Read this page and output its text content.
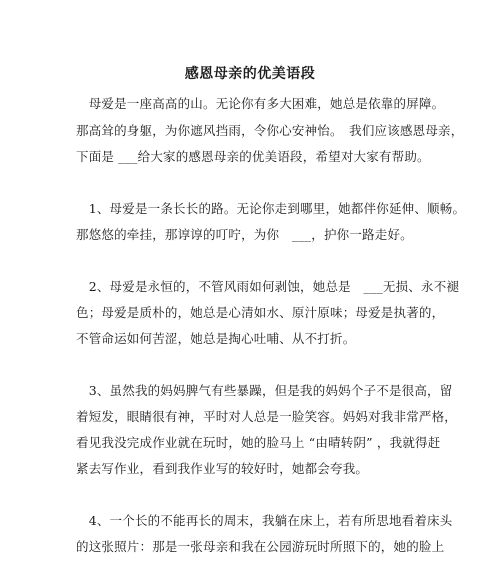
感恩母亲的优美语段
　母爱是一座高高的山。无论你有多大困难，她总是依靠的屏障。
那高耸的身躯，为你遮风挡雨，令你心安神怡。　我们应该感恩母亲，
下面是 ___给大家的感恩母亲的优美语段，希望对大家有帮助。
　1、母爱是一条长长的路。无论你走到哪里，她都伴你延伸、顺畅。
那悠悠的牵挂，那谆谆的叮咛，为你　___，护你一路走好。
　2、母爱是永恒的，不管风雨如何剥蚀，她总是　___无损、永不褪
色；母爱是质朴的，她总是心清如水、原汁原味；母爱是执著的，
不管命运如何苦涩，她总是掏心吐哺、从不打折。
　3、虽然我的妈妈脾气有些暴躁，但是我的妈妈个子不是很高，留
着短发，眼睛很有神，平时对人总是一脸笑容。妈妈对我非常严格，
看见我没完成作业就在玩时，她的脸马上 “由晴转阴” ，我就得赶
紧去写作业，看到我作业写的较好时，她都会夸我。
　4、一个长的不能再长的周末，我躺在床上，若有所思地看着床头
的这张照片：那是一张母亲和我在公园游玩时所照下的，她的脸上
